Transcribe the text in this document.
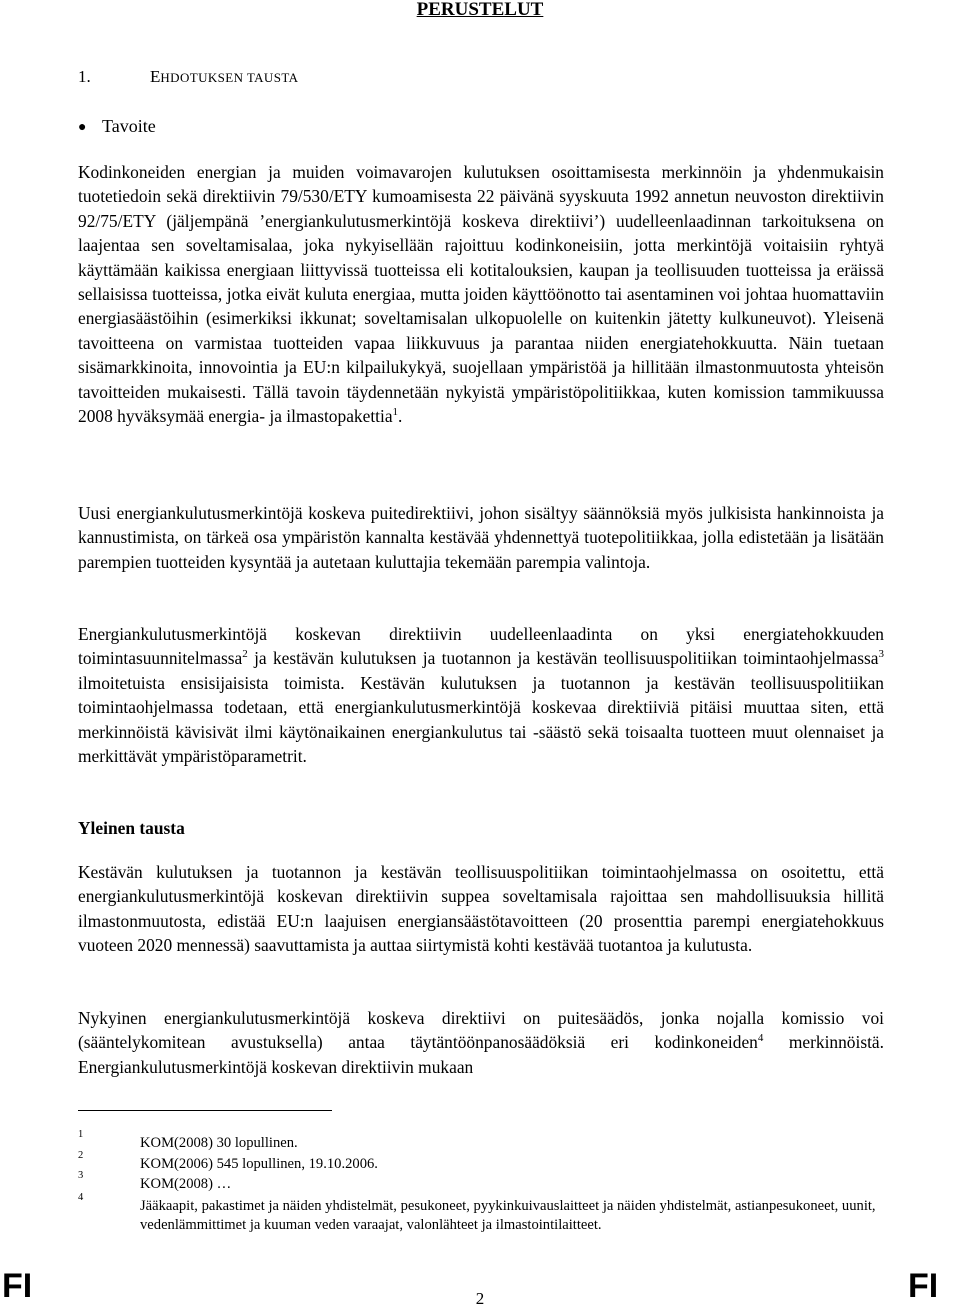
PERUSTELUT
1.	EHDOTUKSEN TAUSTA
● Tavoite
Kodinkoneiden energian ja muiden voimavarojen kulutuksen osoittamisesta merkinnöin ja yhdenmukaisin tuotetiedoin sekä direktiivin 79/530/ETY kumoamisesta 22 päivänä syyskuuta 1992 annetun neuvoston direktiivin 92/75/ETY (jäljempänä ’energiankulutusmerkintöjä koskeva direktiivi’) uudelleenlaadinnan tarkoituksena on laajentaa sen soveltamisalaa, joka nykyisellään rajoittuu kodinkoneisiin, jotta merkintöjä voitaisiin ryhtyä käyttämään kaikissa energiaan liittyvissä tuotteissa eli kotitalouksien, kaupan ja teollisuuden tuotteissa ja eräissä sellaisissa tuotteissa, jotka eivät kuluta energiaa, mutta joiden käyttöönotto tai asentaminen voi johtaa huomattaviin energiasäästöihin (esimerkiksi ikkunat; soveltamisalan ulkopuolelle on kuitenkin jätetty kulkuneuvot). Yleisenä tavoitteena on varmistaa tuotteiden vapaa liikkuvuus ja parantaa niiden energiatehokkuutta. Näin tuetaan sisämarkkinoita, innovointia ja EU:n kilpailukykyä, suojellaan ympäristöä ja hillitään ilmastonmuutosta yhteisön tavoitteiden mukaisesti. Tällä tavoin täydennetään nykyistä ympäristöpolitiikkaa, kuten komission tammikuussa 2008 hyväksymää energia- ja ilmastopakettia$^1$.
Uusi energiankulutusmerkintöjä koskeva puitedirektiivi, johon sisältyy säännöksiä myös julkisista hankinnoista ja kannustimista, on tärkeä osa ympäristön kannalta kestävää yhdennettyä tuotepolitiikkaa, jolla edistetään ja lisätään parempien tuotteiden kysyntää ja autetaan kuluttajia tekemään parempia valintoja.
Energiankulutusmerkintöjä koskevan direktiivin uudelleenlaadinta on yksi energiatehokkuuden toimintasuunnitelmassa$^2$ ja kestävän kulutuksen ja tuotannon ja kestävän teollisuuspolitiikan toimintaohjelmassa$^3$ ilmoitetuista ensisijaisista toimista. Kestävän kulutuksen ja tuotannon ja kestävän teollisuuspolitiikan toimintaohjelmassa todetaan, että energiankulutusmerkintöjä koskevaa direktiiviä pitäisi muuttaa siten, että merkinnöistä kävisivät ilmi käytönaikainen energiankulutus tai -säästö sekä toisaalta tuotteen muut olennaiset ja merkittävät ympäristöparametrit.
Yleinen tausta
Kestävän kulutuksen ja tuotannon ja kestävän teollisuuspolitiikan toimintaohjelmassa on osoitettu, että energiankulutusmerkintöjä koskevan direktiivin suppea soveltamisala rajoittaa sen mahdollisuuksia hillitä ilmastonmuutosta, edistää EU:n laajuisen energiansäästötavoitteen (20 prosenttia parempi energiatehokkuus vuoteen 2020 mennessä) saavuttamista ja auttaa siirtymistä kohti kestävää tuotantoa ja kulutusta.
Nykyinen energiankulutusmerkintöjä koskeva direktiivi on puitesäädös, jonka nojalla komissio voi (sääntelykomitean avustuksella) antaa täytäntöönpanosäädöksiä eri kodinkoneiden$^4$ merkinnöistä. Energiankulutusmerkintöjä koskevan direktiivin mukaan
1
KOM(2008) 30 lopullinen.
2
KOM(2006) 545 lopullinen, 19.10.2006.
3
KOM(2008) …
4
Jääkaapit, pakastimet ja näiden yhdistelmät, pesukoneet, pyykinkuivauslaitteet ja näiden yhdistelmät, astianpesukoneet, uunit, vedenlämmittimet ja kuuman veden varaajat, valonlähteet ja ilmastointilaitteet.
FI	2	FI
